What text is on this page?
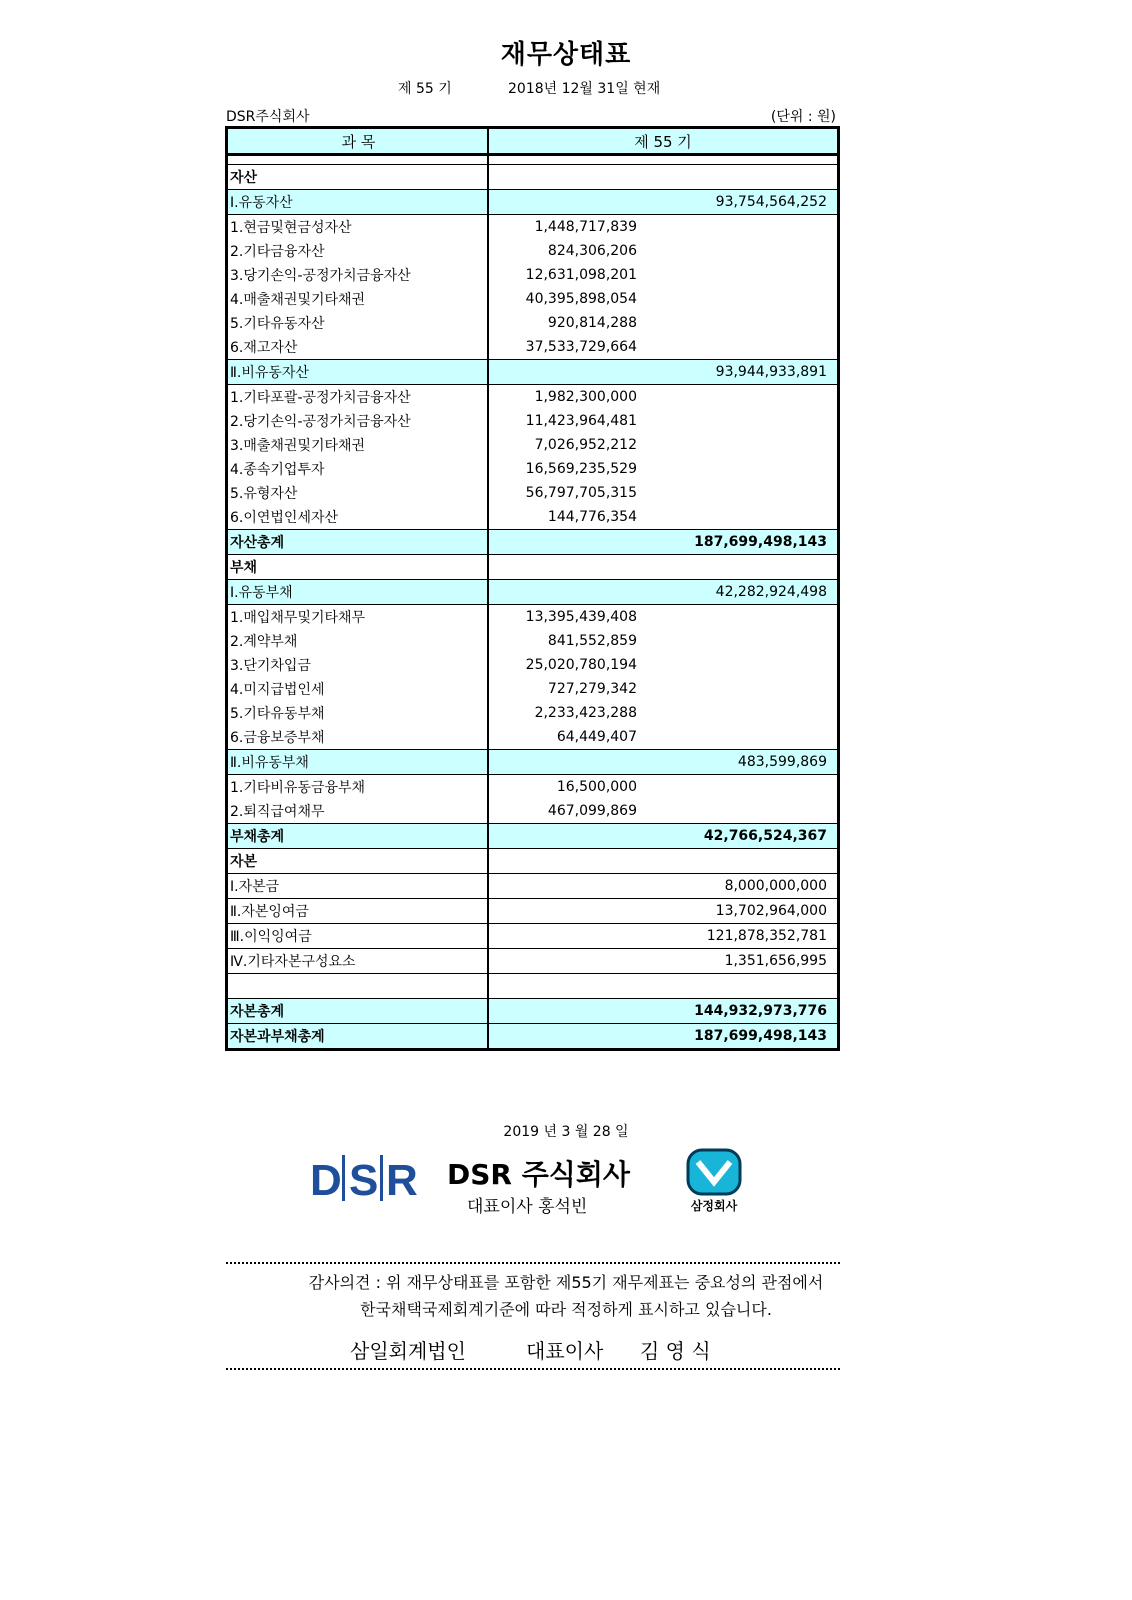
재무상태표
제 55 기	2018년 12월 31일 현재
DSR주식회사	(단위 : 원)
과 목	제 55 기

자산	
Ⅰ.유동자산	93,754,564,252

1.현금및현금성자산	1,448,717,839
2.기타금융자산	824,306,206
3.당기손익-공정가치금융자산	12,631,098,201
4.매출채권및기타채권	40,395,898,054
5.기타유동자산	920,814,288
6.재고자산	37,533,729,664
Ⅱ.비유동자산	93,944,933,891

1.기타포괄-공정가치금융자산	1,982,300,000
2.당기손익-공정가치금융자산	11,423,964,481
3.매출채권및기타채권	7,026,952,212
4.종속기업투자	16,569,235,529
5.유형자산	56,797,705,315
6.이연법인세자산	144,776,354
자산총계	187,699,498,143

부채	
Ⅰ.유동부채	42,282,924,498

1.매입채무및기타채무	13,395,439,408
2.계약부채	841,552,859
3.단기차입금	25,020,780,194
4.미지급법인세	727,279,342
5.기타유동부채	2,233,423,288
6.금융보증부채	64,449,407
Ⅱ.비유동부채	483,599,869

1.기타비유동금융부채	16,500,000
2.퇴직급여채무	467,099,869
부채총계	42,766,524,367

자본	
Ⅰ.자본금	8,000,000,000

Ⅱ.자본잉여금	13,702,964,000

Ⅲ.이익잉여금	121,878,352,781

Ⅳ.기타자본구성요소	1,351,656,995

자본총계	144,932,973,776

자본과부채총계	187,699,498,143
2019 년 3 월 28 일
D S R DSR 주식회사
대표이사 홍석빈	삼정회사
감사의견 : 위 재무상태표를 포함한 제55기 재무제표는 중요성의 관점에서
한국채택국제회계기준에 따라 적정하게 표시하고 있습니다.
삼일회계법인	대표이사 김 영 식
